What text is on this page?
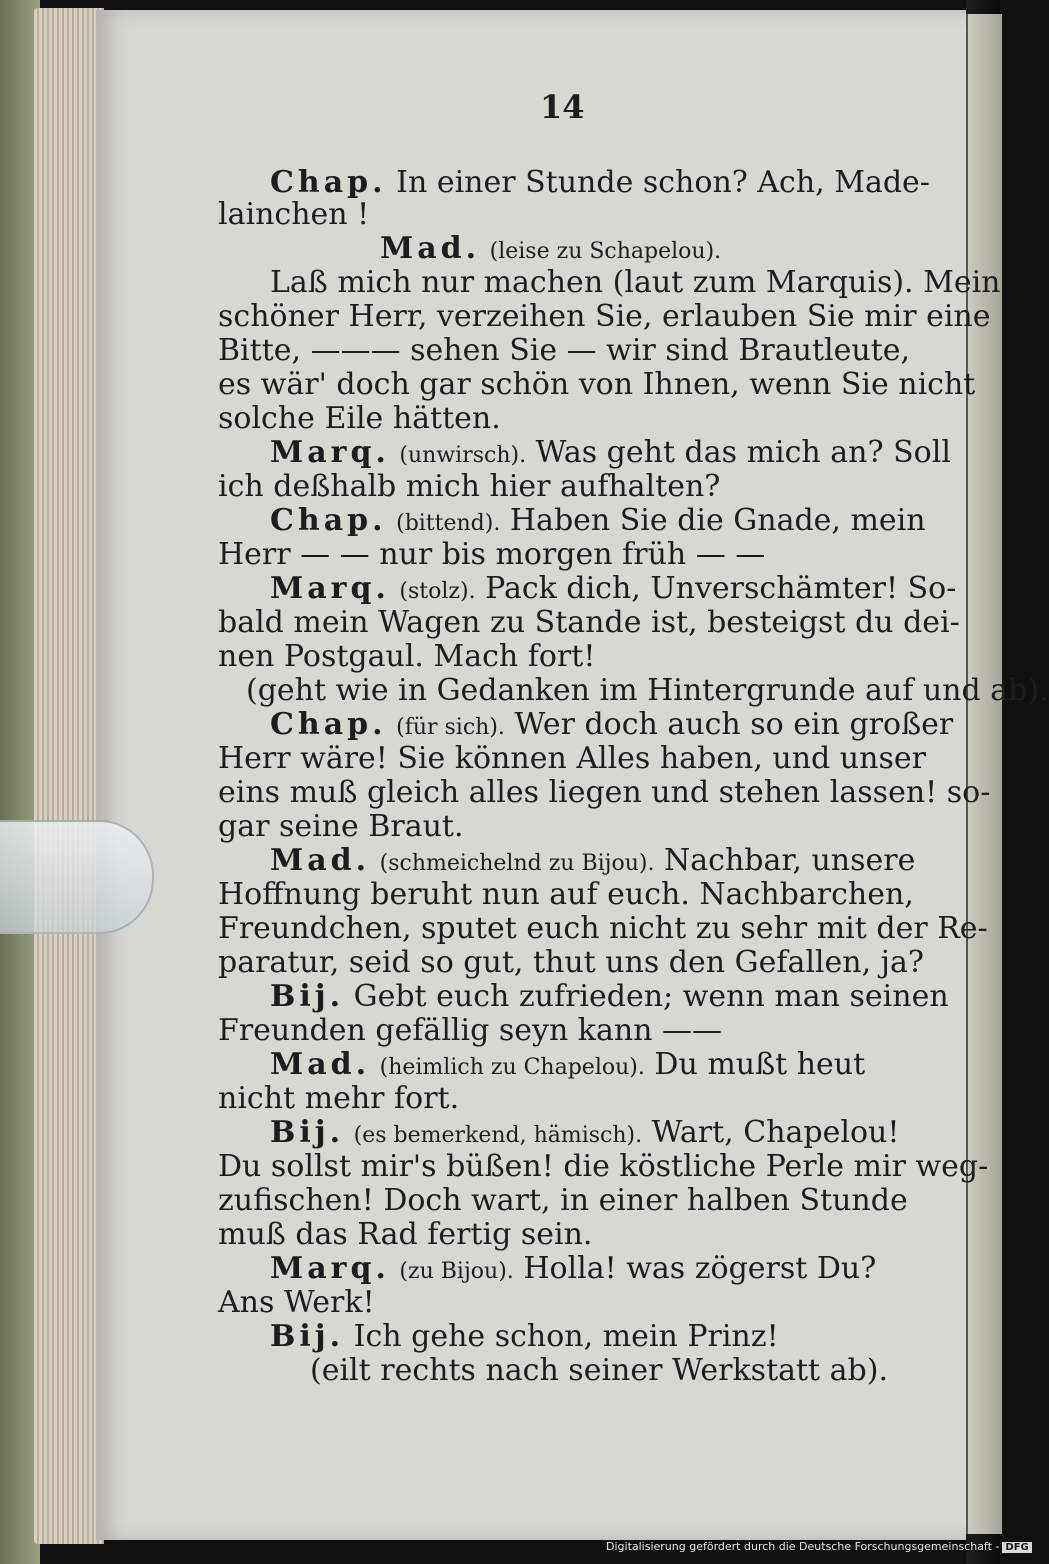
14
Chap. In einer Stunde schon? Ach, Made-
lainchen !
Mad. (leise zu Schapelou).
Laß mich nur machen (laut zum Marquis). Mein
schöner Herr, verzeihen Sie, erlauben Sie mir eine
Bitte, ——— sehen Sie — wir sind Brautleute,
es wär' doch gar schön von Ihnen, wenn Sie nicht
solche Eile hätten.
Marq. (unwirsch). Was geht das mich an? Soll
ich deßhalb mich hier aufhalten?
Chap. (bittend). Haben Sie die Gnade, mein
Herr — — nur bis morgen früh — —
Marq. (stolz). Pack dich, Unverschämter! So-
bald mein Wagen zu Stande ist, besteigst du dei-
nen Postgaul. Mach fort!
(geht wie in Gedanken im Hintergrunde auf und ab).
Chap. (für sich). Wer doch auch so ein großer
Herr wäre! Sie können Alles haben, und unser
eins muß gleich alles liegen und stehen lassen! so-
gar seine Braut.
Mad. (schmeichelnd zu Bijou). Nachbar, unsere
Hoffnung beruht nun auf euch. Nachbarchen,
Freundchen, sputet euch nicht zu sehr mit der Re-
paratur, seid so gut, thut uns den Gefallen, ja?
Bij. Gebt euch zufrieden; wenn man seinen
Freunden gefällig seyn kann ——
Mad. (heimlich zu Chapelou). Du mußt heut
nicht mehr fort.
Bij. (es bemerkend, hämisch). Wart, Chapelou!
Du sollst mir's büßen! die köstliche Perle mir weg-
zufischen! Doch wart, in einer halben Stunde
muß das Rad fertig sein.
Marq. (zu Bijou). Holla! was zögerst Du?
Ans Werk!
Bij. Ich gehe schon, mein Prinz!
(eilt rechts nach seiner Werkstatt ab).
Digitalisierung gefördert durch die Deutsche Forschungsgemeinschaft - DFG
